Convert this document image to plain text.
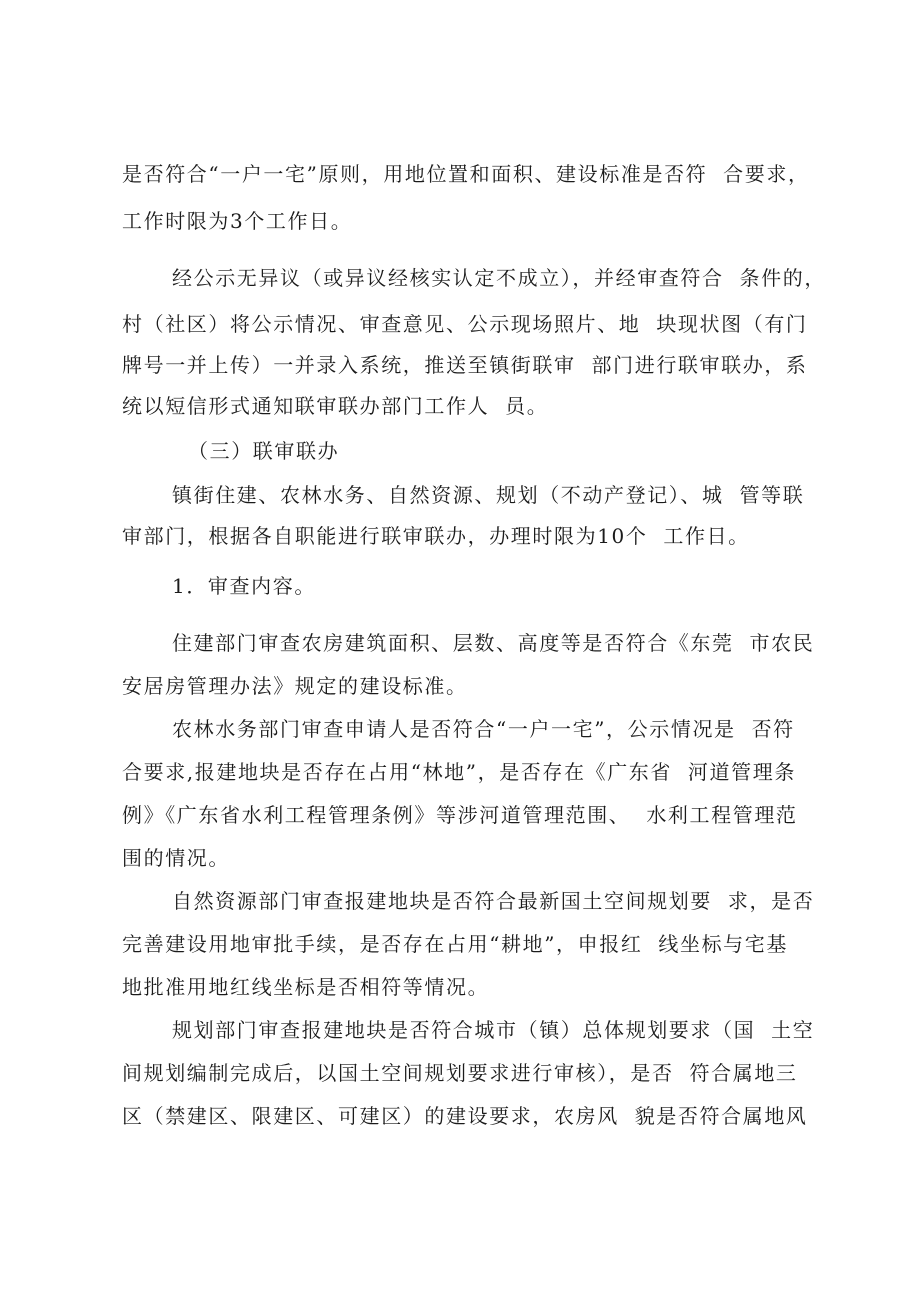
是否符合“一户一宅”原则，用地位置和面积、建设标准是否符  合要求，
工作时限为3个工作日。
经公示无异议（或异议经核实认定不成立），并经审查符合  条件的，
村（社区）将公示情况、审查意见、公示现场照片、地  块现状图（有门
牌号一并上传）一并录入系统，推送至镇街联审  部门进行联审联办，系
统以短信形式通知联审联办部门工作人  员。
（三）联审联办
镇街住建、农林水务、自然资源、规划（不动产登记）、城  管等联
审部门，根据各自职能进行联审联办，办理时限为10个  工作日。
1．审查内容。
住建部门审查农房建筑面积、层数、高度等是否符合《东莞  市农民
安居房管理办法》规定的建设标准。
农林水务部门审查申请人是否符合“一户一宅”，公示情况是  否符
合要求,报建地块是否存在占用“林地”，是否存在《广东省  河道管理条
例》《广东省水利工程管理条例》等涉河道管理范围、  水利工程管理范
围的情况。
自然资源部门审查报建地块是否符合最新国土空间规划要  求，是否
完善建设用地审批手续，是否存在占用“耕地”，申报红  线坐标与宅基
地批准用地红线坐标是否相符等情况。
规划部门审查报建地块是否符合城市（镇）总体规划要求（国  土空
间规划编制完成后，以国土空间规划要求进行审核），是否  符合属地三
区（禁建区、限建区、可建区）的建设要求，农房风  貌是否符合属地风
